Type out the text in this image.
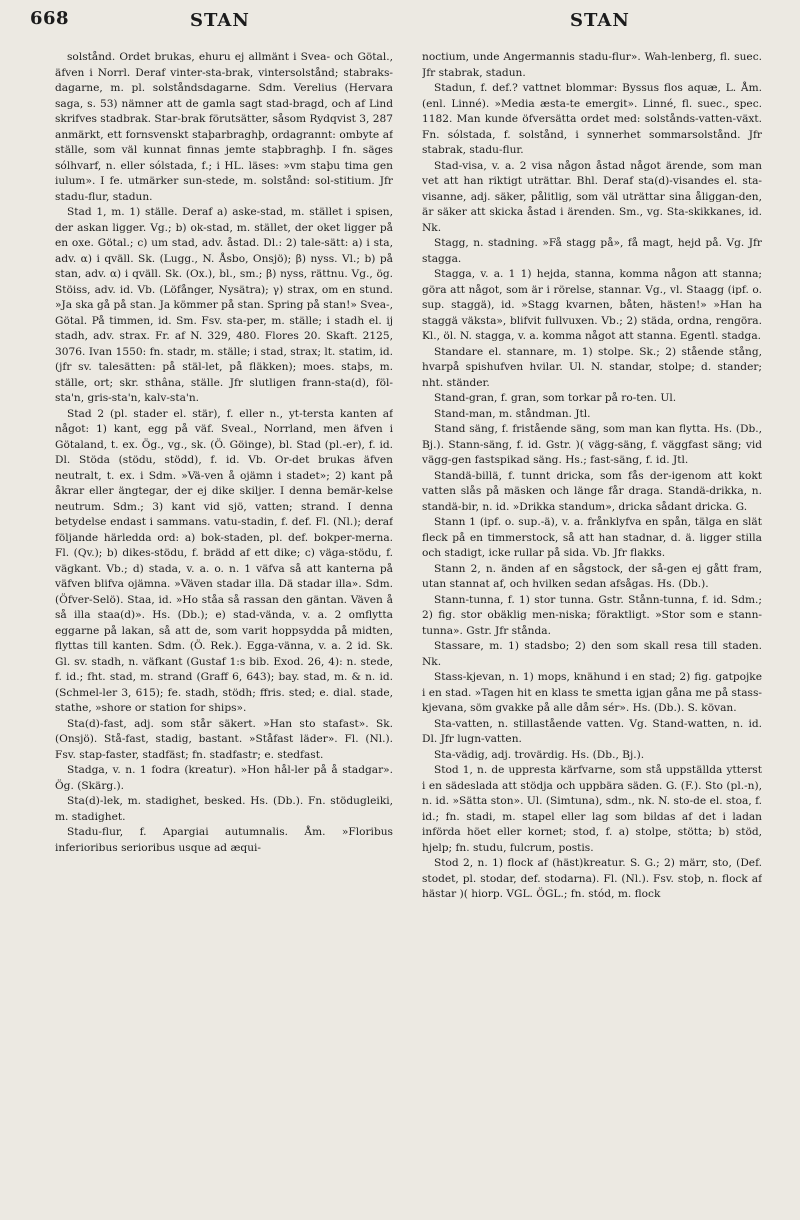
668	STAN	STAN

solstånd. Ordet brukas, ehuru ej allmänt i Svea- och Götal., äfven i Norrl. Deraf vinter-sta-brak, vintersolstånd; stabraks-dagarne, m. pl. solståndsdagarne. Sdm. Verelius (Hervara saga, s. 53) nämner att de gamla sagt stad-bragd, och af Lind skrifves stadbrak. Star-brak förutsätter, såsom Rydqvist 3, 287 anmärkt, ett fornsvenskt staþarbraghþ, ordagrannt: ombyte af ställe, som väl kunnat finnas jemte staþbraghþ. I fn. säges sólhvarf, n. eller sólstada, f.; i HL. läses: »vm staþu tima gen iulum». I fe. utmärker sun-stede, m. solstånd: sol-stitium. Jfr stadu-flur, stadun.

Stad 1, m. 1) ställe. Deraf a) aske-stad, m. stället i spisen, der askan ligger. Vg.; b) ok-stad, m. stället, der oket ligger på en oxe. Götal.; c) um stad, adv. åstad. Dl.: 2) tale-sätt: a) i sta, adv. α) i qväll. Sk. (Lugg., N. Åsbo, Onsjö); β) nyss. Vl.; b) på stan, adv. α) i qväll. Sk. (Ox.), bl., sm.; β) nyss, rättnu. Vg., ög. Stöiss, adv. id. Vb. (Löfånger, Nysätra); γ) strax, om en stund. »Ja ska gå på stan. Ja kömmer på stan. Spring på stan!» Svea-, Götal. På timmen, id. Sm. Fsv. sta-per, m. ställe; i stadh el. ij stadh, adv. strax. Fr. af N. 329, 480. Flores 20. Skaft. 2125, 3076. Ivan 1550: fn. stadr, m. ställe; i stad, strax; lt. statim, id. (jfr sv. talesätten: på stäl-let, på fläkken); moes. staþs, m. ställe, ort; skr. sthâna, ställe. Jfr slutligen frann-sta(d), föl-sta'n, gris-sta'n, kalv-sta'n.

Stad 2 (pl. stader el. stär), f. eller n., yt-tersta kanten af något: 1) kant, egg på väf. Sveal., Norrland, men äfven i Götaland, t. ex. Ög., vg., sk. (Ö. Göinge), bl. Stad (pl.-er), f. id. Dl. Stöda (stödu, stödd), f. id. Vb. Or-det brukas äfven neutralt, t. ex. i Sdm. »Vä-ven å ojämn i stadet»; 2) kant på åkrar eller ängtegar, der ej dike skiljer. I denna bemär-kelse neutrum. Sdm.; 3) kant vid sjö, vatten; strand. I denna betydelse endast i sammans. vatu-stadin, f. def. Fl. (Nl.); deraf följande härledda ord: a) bok-staden, pl. def. bokper-merna. Fl. (Qv.); b) dikes-stödu, f. brädd af ett dike; c) väga-stödu, f. vägkant. Vb.; d) stada, v. a. o. n. 1 väfva så att kanterna på väfven blifva ojämna. »Väven stadar illa. Dä stadar illa». Sdm. (Öfver-Selö). Staa, id. »Ho ståa så rassan den gäntan. Väven å så illa staa(d)». Hs. (Db.); e) stad-vända, v. a. 2 omflytta eggarne på lakan, så att de, som varit hoppsydda på midten, flyttas till kanten. Sdm. (Ö. Rek.). Egga-vänna, v. a. 2 id. Sk. Gl. sv. stadh, n. väfkant (Gustaf 1:s bib. Exod. 26, 4): n. stede, f. id.; fht. stad, m. strand (Graff 6, 643); bay. stad, m. & n. id. (Schmel-ler 3, 615); fe. stadh, stödh; ffris. sted; e. dial. stade, stathe, »shore or station for ships».

Sta(d)-fast, adj. som står säkert. »Han sto stafast». Sk. (Onsjö). Stå-fast, stadig, bastant. »Ståfast läder». Fl. (Nl.). Fsv. stap-faster, stadfäst; fn. stadfastr; e. stedfast.

Stadga, v. n. 1 fodra (kreatur). »Hon hål-ler på å stadgar». Ög. (Skärg.).

Sta(d)-lek, m. stadighet, besked. Hs. (Db.). Fn. stödugleiki, m. stadighet.

Stadu-flur, f. Apargiai autumnalis. Åm. »Floribus inferioribus serioribus usque ad æqui-

noctium, unde Angermannis stadu-flur». Wah-lenberg, fl. suec. Jfr stabrak, stadun.

Stadun, f. def.? vattnet blommar: Byssus flos aquæ, L. Åm. (enl. Linné). »Media æsta-te emergit». Linné, fl. suec., spec. 1182. Man kunde öfversätta ordet med: solstånds-vatten-växt. Fn. sólstada, f. solstånd, i synnerhet sommarsolstånd. Jfr stabrak, stadu-flur.

Stad-visa, v. a. 2 visa någon åstad något ärende, som man vet att han riktigt uträttar. Bhl. Deraf sta(d)-visandes el. sta-visanne, adj. säker, pålitlig, som väl uträttar sina åliggan-den, är säker att skicka åstad i ärenden. Sm., vg. Sta-skikkanes, id. Nk.

Stagg, n. stadning. »Få stagg på», få magt, hejd på. Vg. Jfr stagga.

Stagga, v. a. 1 1) hejda, stanna, komma någon att stanna; göra att något, som är i rörelse, stannar. Vg., vl. Staagg (ipf. o. sup. staggä), id. »Stagg kvarnen, båten, hästen!» »Han ha staggä väksta», blifvit fullvuxen. Vb.; 2) städa, ordna, rengöra. Kl., öl. N. stagga, v. a. komma något att stanna. Egentl. stadga.

Standare el. stannare, m. 1) stolpe. Sk.; 2) stående stång, hvarpå spishufven hvilar. Ul. N. standar, stolpe; d. stander; nht. ständer.

Stand-gran, f. gran, som torkar på ro-ten. Ul.

Stand-man, m. ståndman. Jtl.

Stand säng, f. fristående säng, som man kan flytta. Hs. (Db., Bj.). Stann-säng, f. id. Gstr. )( vägg-säng, f. väggfast säng; vid vägg-gen fastspikad säng. Hs.; fast-säng, f. id. Jtl.

Standä-billä, f. tunnt dricka, som fås der-igenom att kokt vatten slås på mäsken och länge får draga. Standä-drikka, n. standä-bir, n. id. »Drikka standum», dricka sådant dricka. G.

Stann 1 (ipf. o. sup.-ä), v. a. frånklyfva en spån, tälga en slät fleck på en timmerstock, så att han stadnar, d. ä. ligger stilla och stadigt, icke rullar på sida. Vb. Jfr flakks.

Stann 2, n. änden af en sågstock, der så-gen ej gått fram, utan stannat af, och hvilken sedan afsågas. Hs. (Db.).

Stann-tunna, f. 1) stor tunna. Gstr. Stånn-tunna, f. id. Sdm.; 2) fig. stor obäklig men-niska; föraktligt. »Stor som e stann-tunna». Gstr. Jfr stånda.

Stassare, m. 1) stadsbo; 2) den som skall resa till staden. Nk.

Stass-kjevan, n. 1) mops, knähund i en stad; 2) fig. gatpojke i en stad. »Tagen hit en klass te smetta igjan gåna me på stass-kjevana, söm gvakke på alle dåm sér». Hs. (Db.). S. kövan.

Sta-vatten, n. stillastående vatten. Vg. Stand-watten, n. id. Dl. Jfr lugn-vatten.

Sta-vädig, adj. trovärdig. Hs. (Db., Bj.).

Stod 1, n. de uppresta kärfvarne, som stå uppställda ytterst i en sädeslada att stödja och uppbära säden. G. (F.). Sto (pl.-n), n. id. »Sätta ston». Ul. (Simtuna), sdm., nk. N. sto-de el. stoa, f. id.; fn. stadi, m. stapel eller lag som bildas af det i ladan införda höet eller kornet; stod, f. a) stolpe, stötta; b) stöd, hjelp; fn. studu, fulcrum, postis.

Stod 2, n. 1) flock af (häst)kreatur. S. G.; 2) märr, sto, (Def. stodet, pl. stodar, def. stodarna). Fl. (Nl.). Fsv. stoþ, n. flock af hästar )( hiorp. VGL. ÖGL.; fn. stód, m. flock
